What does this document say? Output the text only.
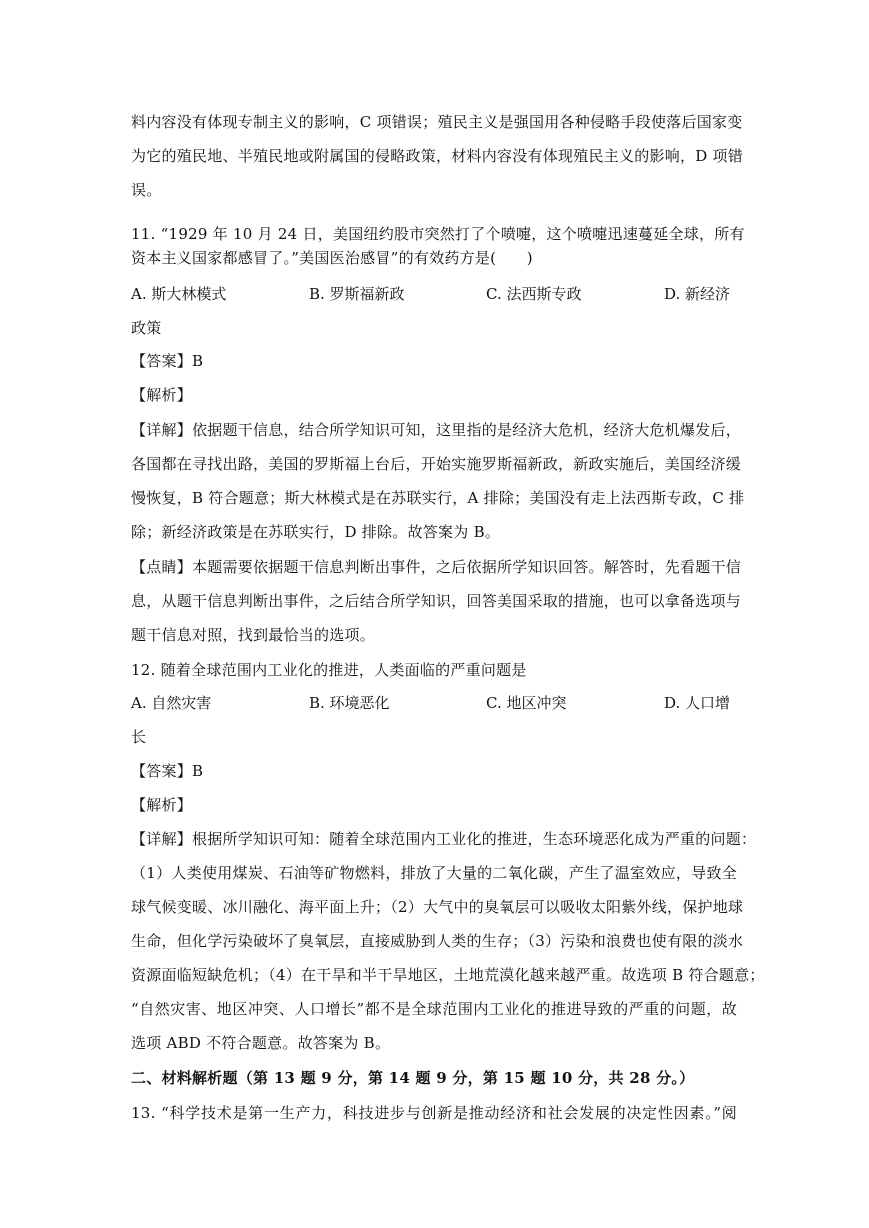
料内容没有体现专制主义的影响，C 项错误；殖民主义是强国用各种侵略手段使落后国家变
为它的殖民地、半殖民地或附属国的侵略政策，材料内容没有体现殖民主义的影响，D 项错
误。
11. “1929 年 10 月 24 日，美国纽约股市突然打了个喷嚏，这个喷嚏迅速蔓延全球，所有
资本主义国家都感冒了。”美国医治感冒”的有效药方是(　　)
A. 斯大林模式	B. 罗斯福新政	C. 法西斯专政	D. 新经济
政策
【答案】B
【解析】
【详解】依据题干信息，结合所学知识可知，这里指的是经济大危机，经济大危机爆发后，
各国都在寻找出路，美国的罗斯福上台后，开始实施罗斯福新政，新政实施后，美国经济缓
慢恢复，B 符合题意；斯大林模式是在苏联实行，A 排除；美国没有走上法西斯专政，C 排
除；新经济政策是在苏联实行，D 排除。故答案为 B。
【点睛】本题需要依据题干信息判断出事件，之后依据所学知识回答。解答时，先看题干信
息，从题干信息判断出事件，之后结合所学知识，回答美国采取的措施，也可以拿备选项与
题干信息对照，找到最恰当的选项。
12. 随着全球范围内工业化的推进，人类面临的严重问题是
A. 自然灾害	B. 环境恶化	C. 地区冲突	D. 人口增
长
【答案】B
【解析】
【详解】根据所学知识可知：随着全球范围内工业化的推进，生态环境恶化成为严重的问题：
（1）人类使用煤炭、石油等矿物燃料，排放了大量的二氧化碳，产生了温室效应，导致全
球气候变暖、冰川融化、海平面上升；（2）大气中的臭氧层可以吸收太阳紫外线，保护地球
生命，但化学污染破坏了臭氧层，直接威胁到人类的生存；（3）污染和浪费也使有限的淡水
资源面临短缺危机；（4）在干旱和半干旱地区，土地荒漠化越来越严重。故选项 B 符合题意；
“自然灾害、地区冲突、人口增长”都不是全球范围内工业化的推进导致的严重的问题，故
选项 ABD 不符合题意。故答案为 B。
二、材料解析题（第 13 题 9 分，第 14 题 9 分，第 15 题 10 分，共 28 分。）
13. “科学技术是第一生产力，科技进步与创新是推动经济和社会发展的决定性因素。”阅
